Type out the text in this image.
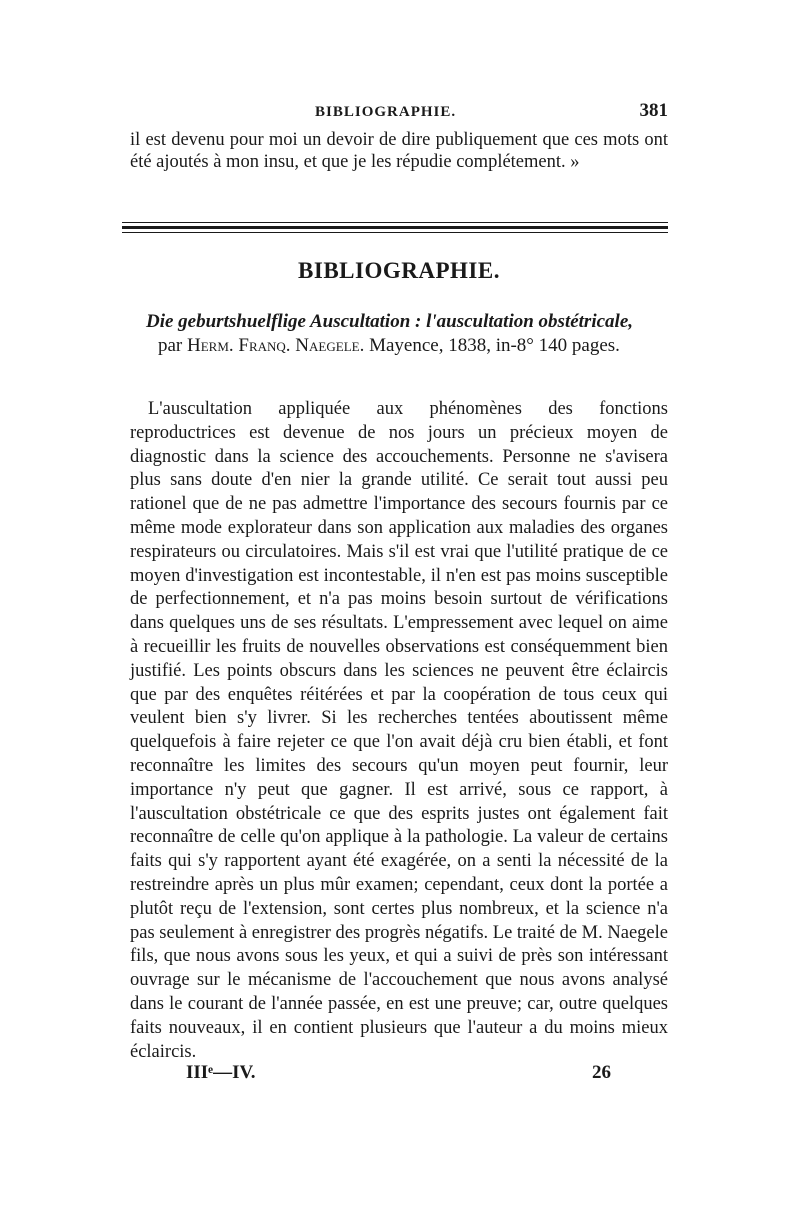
BIBLIOGRAPHIE.	381

il est devenu pour moi un devoir de dire publiquement que ces mots ont été ajoutés à mon insu, et que je les répudie complétement. »

BIBLIOGRAPHIE.
Die geburtshuelflige Auscultation : l'auscultation obstétricale,
par Herm. Franq. Naegele. Mayence, 1838, in-8° 140 pages.

L'auscultation appliquée aux phénomènes des fonctions reproductrices est devenue de nos jours un précieux moyen de diagnostic dans la science des accouchements. Personne ne s'avisera plus sans doute d'en nier la grande utilité. Ce serait tout aussi peu rationel que de ne pas admettre l'importance des secours fournis par ce même mode explorateur dans son application aux maladies des organes respirateurs ou circulatoires. Mais s'il est vrai que l'utilité pratique de ce moyen d'investigation est incontestable, il n'en est pas moins susceptible de perfectionnement, et n'a pas moins besoin surtout de vérifications dans quelques uns de ses résultats. L'empressement avec lequel on aime à recueillir les fruits de nouvelles observations est conséquemment bien justifié. Les points obscurs dans les sciences ne peuvent être éclaircis que par des enquêtes réitérées et par la coopération de tous ceux qui veulent bien s'y livrer. Si les recherches tentées aboutissent même quelquefois à faire rejeter ce que l'on avait déjà cru bien établi, et font reconnaître les limites des secours qu'un moyen peut fournir, leur importance n'y peut que gagner. Il est arrivé, sous ce rapport, à l'auscultation obstétricale ce que des esprits justes ont également fait reconnaître de celle qu'on applique à la pathologie. La valeur de certains faits qui s'y rapportent ayant été exagérée, on a senti la nécessité de la restreindre après un plus mûr examen; cependant, ceux dont la portée a plutôt reçu de l'extension, sont certes plus nombreux, et la science n'a pas seulement à enregistrer des progrès négatifs. Le traité de M. Naegele fils, que nous avons sous les yeux, et qui a suivi de près son intéressant ouvrage sur le mécanisme de l'accouchement que nous avons analysé dans le courant de l'année passée, en est une preuve; car, outre quelques faits nouveaux, il en contient plusieurs que l'auteur a du moins mieux éclaircis.

IIIᵉ—IV.	26
